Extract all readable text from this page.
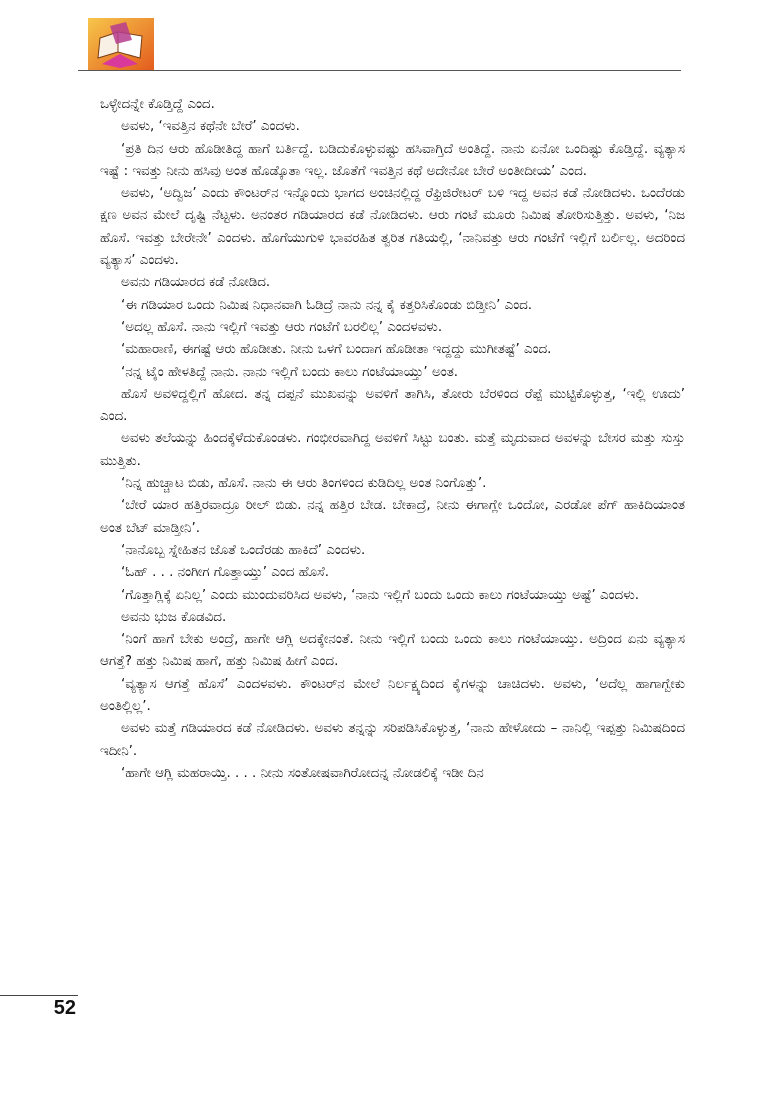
ಒಳ್ಳೇದನ್ನೇ ಕೊಡ್ತಿದ್ದೆ ಎಂದ.

ಅವಳು, ‘ಇವತ್ತಿನ ಕಥೆನೇ ಬೇರೆ’ ಎಂದಳು.

‘ಪ್ರತಿ ದಿನ ಆರು ಹೊಡೀತಿದ್ದ ಹಾಗೆ ಬರ್ತಿದ್ದೆ. ಬಡಿದುಕೊಳ್ಳುವಷ್ಟು ಹಸಿವಾಗ್ತಿದೆ ಅಂತಿದ್ದೆ. ನಾನು ಏನೋ ಒಂದಿಷ್ಟು ಕೊಡ್ತಿದ್ದೆ. ವ್ಯತ್ಯಾಸ ಇಷ್ಟೆ : ಇವತ್ತು ನೀನು ಹಸಿವು ಅಂತ ಹೊಡ್ಕೊತಾ ಇಲ್ಲ. ಜೊತೆಗೆ ಇವತ್ತಿನ ಕಥೆ ಅದೇನೋ ಬೇರೆ ಅಂತೀದೀಯ’ ಎಂದ.

ಅವಳು, ‘ಅದ್ವಿಜ’ ಎಂದು ಕೌಂಟರ್‌ನ ಇನ್ನೊಂದು ಭಾಗದ ಅಂಚಿನಲ್ಲಿದ್ದ ರೆಫ್ರಿಜಿರೇಟರ್ ಬಳಿ ಇದ್ದ ಅವನ ಕಡೆ ನೋಡಿದಳು. ಒಂದೆರಡು ಕ್ಷಣ ಅವನ ಮೇಲೆ ದೃಷ್ಟಿ ನೆಟ್ಟಳು. ಅನಂತರ ಗಡಿಯಾರದ ಕಡೆ ನೋಡಿದಳು. ಆರು ಗಂಟೆ ಮೂರು ನಿಮಿಷ ತೋರಿಸುತ್ತಿತ್ತು. ಅವಳು, ‘ನಿಜ ಹೊಸೆ. ಇವತ್ತು ಬೇರೇನೇ’ ಎಂದಳು. ಹೊಗೆಯುಗುಳಿ ಭಾವರಹಿತ ತ್ವರಿತ ಗತಿಯಲ್ಲಿ, ‘ನಾನಿವತ್ತು ಆರು ಗಂಟೆಗೆ ಇಲ್ಲಿಗೆ ಬರ್ಲಿಲ್ಲ. ಅದರಿಂದ ವ್ಯತ್ಯಾಸ’ ಎಂದಳು.

ಅವನು ಗಡಿಯಾರದ ಕಡೆ ನೋಡಿದ.

‘ಈ ಗಡಿಯಾರ ಒಂದು ನಿಮಿಷ ನಿಧಾನವಾಗಿ ಓಡಿದ್ರೆ ನಾನು ನನ್ನ ಕೈ ಕತ್ತರಿಸಿಕೊಂಡು ಬಿಡ್ತೀನಿ’ ಎಂದ.

‘ಅದಲ್ಲ ಹೊಸೆ. ನಾನು ಇಲ್ಲಿಗೆ ಇವತ್ತು ಆರು ಗಂಟೆಗೆ ಬರಲಿಲ್ಲ’ ಎಂದಳವಳು.

‘ಮಹಾರಾಣಿ, ಈಗಷ್ಟೆ ಆರು ಹೊಡೀತು. ನೀನು ಒಳಗೆ ಬಂದಾಗ ಹೊಡೀತಾ ಇದ್ದದ್ದು ಮುಗೀತಷ್ಟೆ’ ಎಂದ.

‘ನನ್ನ ಟೈಂ ಹೇಳತಿದ್ದೆ ನಾನು. ನಾನು ಇಲ್ಲಿಗೆ ಬಂದು ಕಾಲು ಗಂಟೆಯಾಯ್ತು’ ಅಂತ.

ಹೊಸೆ ಅವಳಿದ್ದಲ್ಲಿಗೆ ಹೋದ. ತನ್ನ ದಪ್ಪನೆ ಮುಖವನ್ನು ಅವಳಿಗೆ ತಾಗಿಸಿ, ತೋರು ಬೆರಳಿಂದ ರೆಪ್ಪೆ ಮುಟ್ಟಿಕೊಳ್ಳುತ್ತ, ‘ಇಲ್ಲಿ ಊದು’ ಎಂದ.

ಅವಳು ತಲೆಯನ್ನು ಹಿಂದಕ್ಕೆಳೆದುಕೊಂಡಳು. ಗಂಭೀರವಾಗಿದ್ದ ಅವಳಿಗೆ ಸಿಟ್ಟು ಬಂತು. ಮತ್ತೆ ಮೃದುವಾದ ಅವಳನ್ನು ಬೇಸರ ಮತ್ತು ಸುಸ್ತು ಮುತ್ತಿತು.

‘ನಿನ್ನ ಹುಚ್ಚಾಟ ಬಿಡು, ಹೊಸೆ. ನಾನು ಈ ಆರು ತಿಂಗಳಿಂದ ಕುಡಿದಿಲ್ಲ ಅಂತ ನಿಂಗೊತ್ತು’.

‘ಬೇರೆ ಯಾರ ಹತ್ತಿರವಾದ್ರೂ ರೀಲ್ ಬಿಡು. ನನ್ನ ಹತ್ತಿರ ಬೇಡ. ಬೇಕಾದ್ರೆ, ನೀನು ಈಗಾಗ್ಲೇ ಒಂದೋ, ಎರಡೋ ಪೆಗ್ ಹಾಕಿದಿಯಾಂತ ಅಂತ ಬೆಟ್ ಮಾಡ್ತೀನಿ’.

‘ನಾನೊಬ್ಬ ಸ್ನೇಹಿತನ ಜೊತೆ ಒಂದೆರಡು ಹಾಕಿದೆ’ ಎಂದಳು.

‘ಓಹ್ . . . ನಂಗೀಗ ಗೊತ್ತಾಯ್ತು’ ಎಂದ ಹೊಸೆ.

‘ಗೊತ್ತಾಗ್ಲಿಕ್ಕೆ ಏನಿಲ್ಲ’ ಎಂದು ಮುಂದುವರಿಸಿದ ಅವಳು, ‘ನಾನು ಇಲ್ಲಿಗೆ ಬಂದು ಒಂದು ಕಾಲು ಗಂಟೆಯಾಯ್ತು ಅಷ್ಟೆ’ ಎಂದಳು.

ಅವನು ಭುಜ ಕೊಡವಿದ.

‘ನಿಂಗೆ ಹಾಗೆ ಬೇಕು ಅಂದ್ರೆ, ಹಾಗೇ ಆಗ್ಲಿ ಅದಕ್ಕೇನಂತೆ. ನೀನು ಇಲ್ಲಿಗೆ ಬಂದು ಒಂದು ಕಾಲು ಗಂಟೆಯಾಯ್ತು. ಅದ್ರಿಂದ ಏನು ವ್ಯತ್ಯಾಸ ಆಗತ್ತೆ? ಹತ್ತು ನಿಮಿಷ ಹಾಗೆ, ಹತ್ತು ನಿಮಿಷ ಹೀಗೆ ಎಂದ.

‘ವ್ಯತ್ಯಾಸ ಆಗತ್ತೆ ಹೊಸೆ’ ಎಂದಳವಳು. ಕೌಂಟರ್‌ನ ಮೇಲೆ ನಿರ್ಲಕ್ಷ್ಯದಿಂದ ಕೈಗಳನ್ನು ಚಾಚಿದಳು. ಅವಳು, ‘ಅದೆಲ್ಲ ಹಾಗಾಗ್ಬೇಕು ಅಂತಿಲ್ಲಿಲ್ಲ’.

ಅವಳು ಮತ್ತೆ ಗಡಿಯಾರದ ಕಡೆ ನೋಡಿದಳು. ಅವಳು ತನ್ನನ್ನು ಸರಿಪಡಿಸಿಕೊಳ್ಳುತ್ತ, ‘ನಾನು ಹೇಳೋದು – ನಾನಿಲ್ಲಿ ಇಪ್ಪತ್ತು ನಿಮಿಷದಿಂದ ಇದೀನಿ’.

‘ಹಾಗೇ ಆಗ್ಲಿ ಮಹರಾಯ್ತಿ. . . . ನೀನು ಸಂತೋಷವಾಗಿರೋದನ್ನ ನೋಡಲಿಕ್ಕೆ ಇಡೀ ದಿನ

52
